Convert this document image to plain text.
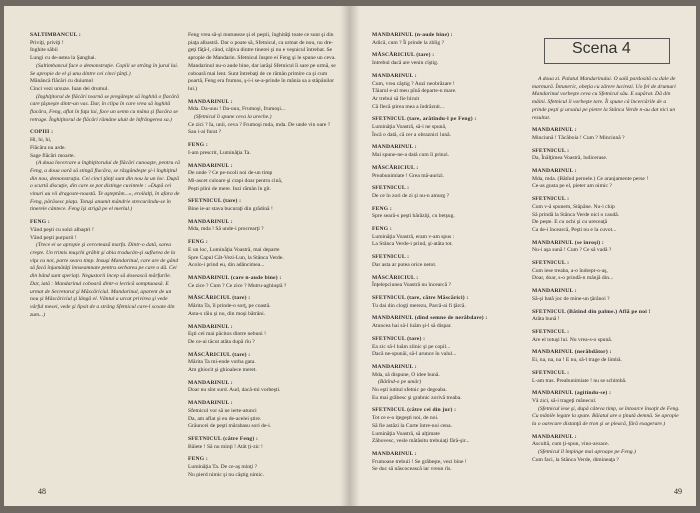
SALTIMBANCUL :

Priviţi, priviţi !

Inghite săbii

Lungi cu de-astea la Şanghai.

(Saltimbancul face o demonstraţie. Copiii se strâng în jurul lui. Se apropie de el şi unu dintre cei cinci ţânţi.)

Mănâncă flăcări cu duiumul

Cinci vezi ursuze. Iuan dei drumul.

(Inghiţitorul de flăcări toarnă se pregăteşte să înghită o flacără care ţâşneşte dintr-un vas. Dar, în clipa în care vrea să înghită flacăra, Feng, aflat în faţa lui, face un semn cu mâna şi flacăra se retrage. Înghiţitorul de flăcări rămâne uluit de înfrângerea sa.)

COPIII :

Hi, hi, hi,

Flăcăra nu arde.

Sage flăcări moarte.

(A doua încercare a înghiţitorului de flăcări cunoaşte, pentru că Feng, a doua oară să stingă flacăra, se răzgândeşte şi-i înghiţitul din nou, demonstraţia. Cei cinci ţânţi sunt din nou la un loc. După o scurtă discuţie, din care se pot distinge cuvintele : «După cei vinuri au vii dragoste-noastă. Te aşteptăm...», eroilalţi, în afara de Feng, părăsesc piaţa. Totuşi anumit mândrie strecurându-se în tinerele cântece. Feng îşi strigă pe el merlul.)

FENG :

Vând peşti cu solzi albaştri !

Vând peşti purpurii !

(Trece ei se apropie şi cerceteazã marfa. Dintr-o dată, sarea creşte. Un trimis muşchi grăbit şi abia traducân-şi suflarea de la viţa cu noi, parte seara timp. Insuşi Mandarinul, care are de gând să facă înjumătăţi înnseamnate pentru serbarea pe care o dă. Cei din bând sunt speriaţi. Negustorii încep să dosească mărfurile. Dar, iată : Mandarinul coboară dintr-o lectică somptuoasă. E urmat de Secretarul şi Măscăriciul. Mandarinul, aparent de un nou şi Mâscăriciul şi lângă el. Vântul a urcat privirea şi vede vârful mesei, vede şi lipsit de a strâng Sfetnicul care-l scoate din zum...)

Feng vrea să-şi mutuneze şi el peştii, înghităţi toate ce sunt şi din piaţa albastră. Dar o poate să, Sfetnicul, ca urmat de nou, nu dregeţi făţă-l, când, câţiva dintre tinerei şi nu e veşnicul întrebat. Se apropie de Mandarin. Sfetnicul înspre ei Feng şi le spune un ceva. Mandarinul nu-o aude bine, dar iarăşi Sfetnicul îi sare pe urmă, se coboară mai lent. Sunt întrebaţi de ce rămân primire ca şi cum poartă, Feng era frumos, ş-i-i se-a-prinde în mânia sa a stăpânilor lui.)

MANDARINUL :

Mda. Da-uuu ! Da-uuu, Frumoşi, frumoşi...

(Sfetnicul îi spune ceva la ureche.)

Ce zici ? Ia, unii, ceva ? Frumoşi mda, mda. De unde vin oare ? Sau i-ai furat ?

FENG :

I-am prescrit, Luminăţia Ta.

MANDARINUL :

De unde ? Ce pe-ncoli noi de-un timp

Mi-ascet culoare şi crapi doar pentru cină,

Peşti plini de mere. Inzi rămân în gît.

SFETNICUL (tare) :

Bine ie-ar stava bucuraţi din grădină !

MANDARINUL :

Mda, mda ! Să unde-i procrearţi ?

FENG :

E un loc, Luminăţia Voastră, mai departe

Spre Capul Cât-Vezi-Lun, la Stânca Verde.

Acolo-i prind eu, din adâncimea...

MANDARINUL (care n-aude bine) :

Ce zice ? Cum ? Ce zice ? Mutru-aghiuştă ?

MĂSCĂRICIUL (tare) :

Mărita Ta, îl prinde-o sorţ, pe coastă.

Asta-s răiu şi nu, din moşi bătrâni.

MANDARINUL :

Eşti cel mai păcitos dintre nebuni !

De ce-ai tăcut atâta după rîu ?

MĂSCĂRICIUL (tare) :

Mărita Ta mi-ende vorba gata.

Am ghiocit şi ghioalece meret.

MANDARINUL :

Doar nu sînt surd. Aud, dacă-mi vorbeşti.

MANDARINUL :

Sfetnicul vor să ne ierte-atunci

Da, am aflat şi eu de-acelei ştire.

Grăuncei de peşti mărabasu sori de-i.

SFETNICUL (către Feng) :

Băiete ! Să nu minţi ! Atât ţi-zic !

FENG :

Luminăţia Ta. De ce-aş minţi ?

Nu pierd nimic şi nu câştig nimic.

48

MANDARINUL (n-aude bine) :

Adică, cum ? Îi prinde la zbîig ?

MĂSCĂRICIUL (tare) :

Intrebul dacă are venin cîştig.

MANDARINUL :

Cum, vrea câştig ? Auzi neobrăzare !

Tăiarul e-al meu pînă departe-n mare.

Ar trebui să fie biruit

Că flecă ştirea mea a îndrăznit...

SFETNICUL (tare, arătîndu-l pe Feng) :

Luminăţia Voastră, să-i ne spună,

Încă o dată, că cer a obraznici lună.

MANDARINUL :

Mai spune-ne-a dată cum îi prinzi.

MĂSCĂRICIUL :

Preabunimiate ! Grea mă-aurizi.

SFETNICUL :

De ce în zori de zi şi nu-n amurg ?

FENG :

Spre seară-s peşti hărăziţi, cu betşug.

FENG :

Luminăţia Voastră, eram v-am spus :

La Stânca Verde-i prind, şi-atâta tot.

SFETNICUL :

Dar asta ar putea orice netot.

MĂSCĂRICIUL :

Înţelepciunea Voastră nu încearcă ?

SFETNICUL (tare, către Măscărici) :

Tu dai din cloşţi merezu, Parcă-ai fi ţărcă.

MANDARINUL (dînd semne de nerăbdare) :

Atuncea hai să-l luăm şi-l să dispar.

SFETNICUL (tare) :

Ea zic să-l luăm zilnic şi pe copil...

Dacă ne-spunăi, să-l arunce în valul...

MANDARINUL :

Mda, să dispune, O idee bună.

(Bătînd-o pe umăr)

Nu eşti iutitul sfetnic pe degeaba.

Eu mai grăbesc şi grabnic zorivă treaba.

SFETNICUL (către cei din jur) :

Tot ce e-o iţegeşti noi, de noi.

Să fie astăzi la Curte între-noi cena.

Luminăţia Voastră, să alţimate

Zăbovesc, vesle mătăsitu trebuiaţi fără-şir...

MANDARINUL :

Frumoase trebuii ! Se grăbeşte, vezi bine !

Se duc să născocească iar vreun rîs.

Scena 4

A doua zi. Palatul Mandarinului. O sală pardosită cu dale de marmură. Întuneric, obeţia cu zărere lucirezi. Uo fel de drumuri Mandarinul vorbeşte ceva cu Sfetnicul său. E supărat. Dă din mâini. Sfetnicul îi vorbeşte tare. Îi spune că încercările de a prinde peşti şi ursului pe pietre la Stânca Verde n-au dat nici un rezultat.

MANDARINUL :

Minciună ! Tâcăboia ! Cum ? Minciună ?

SFETNICUL :

Da, Înălţimea Voastră, ludicerase.

MANDARINUL :

Mda, mda. (Bătînd pernele.) Ce aranjamente perse !

Ce-as gusta pe el, pieter am nimic ?

SFETNICUL :

Cum v-ă spunem, Stăpâne. Nu-i chip

Să prindă la Stânca Verde nici o caudă.

De pește. E cu ochi şi cu ureceaţă

Ca de-i încearcă, Peşti nu e la cuvot...

MANDARINUL (se înroşi) :

Nu-i aşa sună ! Cum ? Ce să vadă ?

SFETNICUL :

Cum iese treaba, a-o îndrept-o-aş,

Doar, doar, s-o prindă-n mânjă din...

MANDARINUL :

Să-şi bată joc de mine-un ţărănoi ?

SFETNICUL (Bătînd din palme.) Află pe noi !

Atâta bună !

SFETNICUL :

Are el totuşi lui. Nu vrea-s-o spună.

MANDARINUL (nerăbdător) :

Ei, na, na, na ! E nu, să-l trage de limbă.

SFETNICUL :

L-am tras. Preabunimiate ! nu se schimbă.

MANDARINUL (agitîndu-se) :

Vă zici, să-i trageţi mânecul.

(Sfetnicul iese şi, după câteva timp, se întoarce însoţit de Feng. Cu mânile legate la spate. Băiatul are o ţinută demnă. Se apropie la o oarecare distanţă de tron şi se pleacă, fără exagerare.)

MANDARINUL :

Ascultă, cum ţi-spun, vino-aroace.

(Sfetnicul îl împinge mai aproape pe Feng.)

Cum faci, la Stânca Verde, dimineaţa ?

49
